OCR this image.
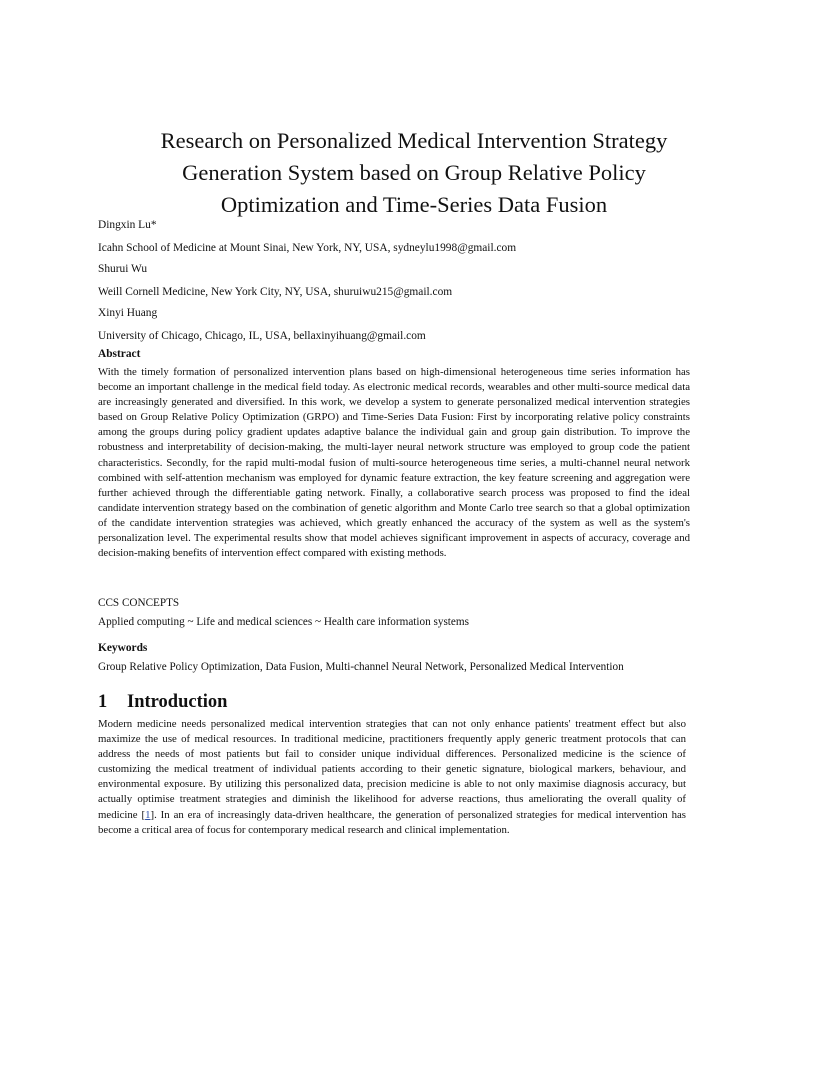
Research on Personalized Medical Intervention Strategy
Generation System based on Group Relative Policy
Optimization and Time-Series Data Fusion

Dingxin Lu*

Icahn School of Medicine at Mount Sinai, New York, NY, USA, sydneylu1998@gmail.com

Shurui Wu

Weill Cornell Medicine, New York City, NY, USA, shuruiwu215@gmail.com

Xinyi Huang

University of Chicago, Chicago, IL, USA, bellaxinyihuang@gmail.com

Abstract

With the timely formation of personalized intervention plans based on high-dimensional heterogeneous time series information has become an important challenge in the medical field today. As electronic medical records, wearables and other multi-source medical data are increasingly generated and diversified. In this work, we develop a system to generate personalized medical intervention strategies based on Group Relative Policy Optimization (GRPO) and Time-Series Data Fusion: First by incorporating relative policy constraints among the groups during policy gradient updates adaptive balance the individual gain and group gain distribution. To improve the robustness and interpretability of decision-making, the multi-layer neural network structure was employed to group code the patient characteristics. Secondly, for the rapid multi-modal fusion of multi-source heterogeneous time series, a multi-channel neural network combined with self-attention mechanism was employed for dynamic feature extraction, the key feature screening and aggregation were further achieved through the differentiable gating network. Finally, a collaborative search process was proposed to find the ideal candidate intervention strategy based on the combination of genetic algorithm and Monte Carlo tree search so that a global optimization of the candidate intervention strategies was achieved, which greatly enhanced the accuracy of the system as well as the system's personalization level. The experimental results show that model achieves significant improvement in aspects of accuracy, coverage and decision-making benefits of intervention effect compared with existing methods.

CCS CONCEPTS

Applied computing ~ Life and medical sciences ~ Health care information systems

Keywords

Group Relative Policy Optimization, Data Fusion, Multi-channel Neural Network, Personalized Medical Intervention

1 Introduction

Modern medicine needs personalized medical intervention strategies that can not only enhance patients' treatment effect but also maximize the use of medical resources. In traditional medicine, practitioners frequently apply generic treatment protocols that can address the needs of most patients but fail to consider unique individual differences. Personalized medicine is the science of customizing the medical treatment of individual patients according to their genetic signature, biological markers, behaviour, and environmental exposure. By utilizing this personalized data, precision medicine is able to not only maximise diagnosis accuracy, but actually optimise treatment strategies and diminish the likelihood for adverse reactions, thus ameliorating the overall quality of medicine [1]. In an era of increasingly data-driven healthcare, the generation of personalized strategies for medical intervention has become a critical area of focus for contemporary medical research and clinical implementation.
